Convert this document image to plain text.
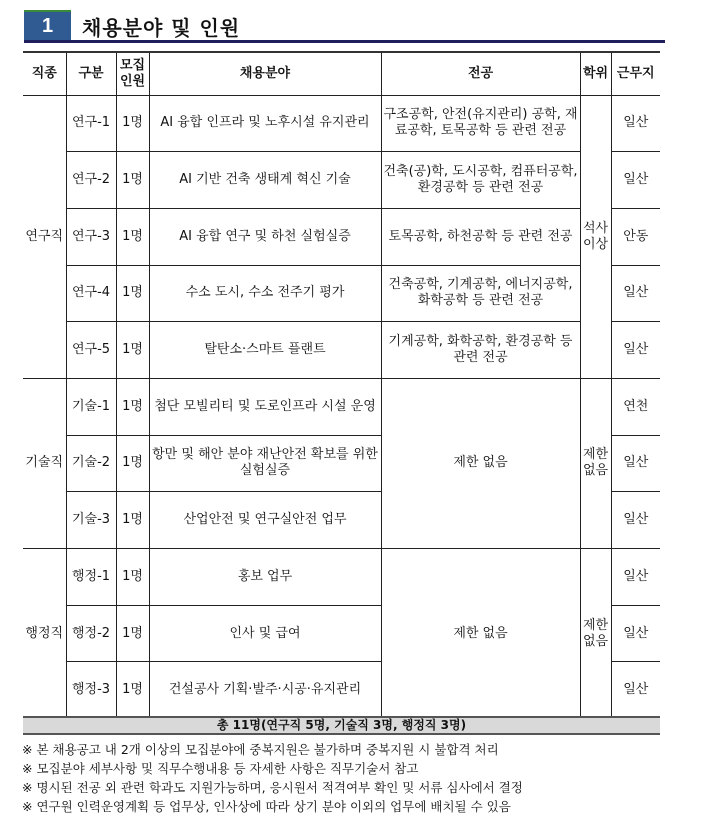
1	채용분야 및 인원
직종	구분	모집 인원	채용분야	전공	학위	근무지
연구직	연구-1	1명	AI 융합 인프라 및 노후시설 유지관리	구조공학, 안전(유지관리) 공학, 재료공학, 토목공학 등 관련 전공	석사 이상	일산
	연구-2	1명	AI 기반 건축 생태계 혁신 기술	건축(공)학, 도시공학, 컴퓨터공학, 환경공학 등 관련 전공		일산
	연구-3	1명	AI 융합 연구 및 하천 실험실증	토목공학, 하천공학 등 관련 전공		안동
	연구-4	1명	수소 도시, 수소 전주기 평가	건축공학, 기계공학, 에너지공학, 화학공학 등 관련 전공		일산
	연구-5	1명	탈탄소·스마트 플랜트	기계공학, 화학공학, 환경공학 등 관련 전공		일산
기술직	기술-1	1명	첨단 모빌리티 및 도로인프라 시설 운영	제한 없음	제한 없음	연천
	기술-2	1명	항만 및 해안 분야 재난안전 확보를 위한 실험실증			일산
	기술-3	1명	산업안전 및 연구실안전 업무			일산
행정직	행정-1	1명	홍보 업무	제한 없음	제한 없음	일산
	행정-2	1명	인사 및 급여			일산
	행정-3	1명	건설공사 기획·발주·시공·유지관리			일산
총 11명(연구직 5명, 기술직 3명, 행정직 3명)
※ 본 채용공고 내 2개 이상의 모집분야에 중복지원은 불가하며 중복지원 시 불합격 처리
※ 모집분야 세부사항 및 직무수행내용 등 자세한 사항은 직무기술서 참고
※ 명시된 전공 외 관련 학과도 지원가능하며, 응시원서 적격여부 확인 및 서류 심사에서 결정
※ 연구원 인력운영계획 등 업무상, 인사상에 따라 상기 분야 이외의 업무에 배치될 수 있음
